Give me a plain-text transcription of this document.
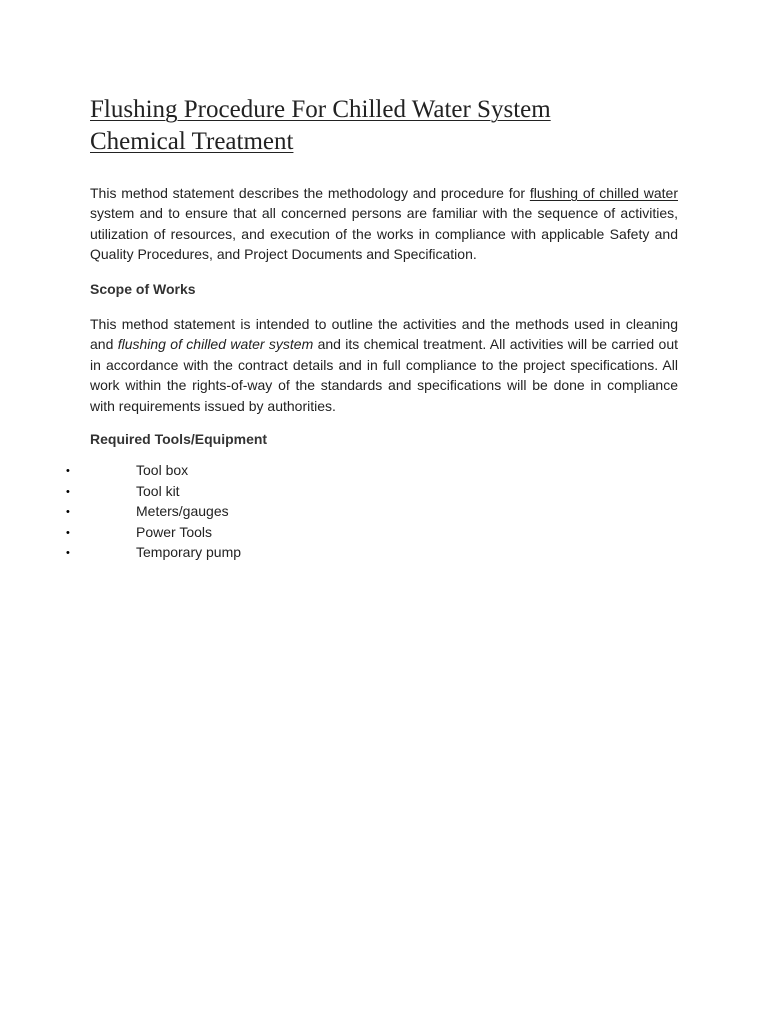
Flushing Procedure For Chilled Water System
Chemical Treatment

This method statement describes the methodology and procedure for flushing of chilled water system and to ensure that all concerned persons are familiar with the sequence of activities, utilization of resources, and execution of the works in compliance with applicable Safety and Quality Procedures, and Project Documents and Specification.

Scope of Works

This method statement is intended to outline the activities and the methods used in cleaning and flushing of chilled water system and its chemical treatment. All activities will be carried out in accordance with the contract details and in full compliance to the project specifications. All work within the rights-of-way of the standards and specifications will be done in compliance with requirements issued by authorities.

Required Tools/Equipment
•	Tool box
•	Tool kit
•	Meters/gauges
•	Power Tools
•	Temporary pump
